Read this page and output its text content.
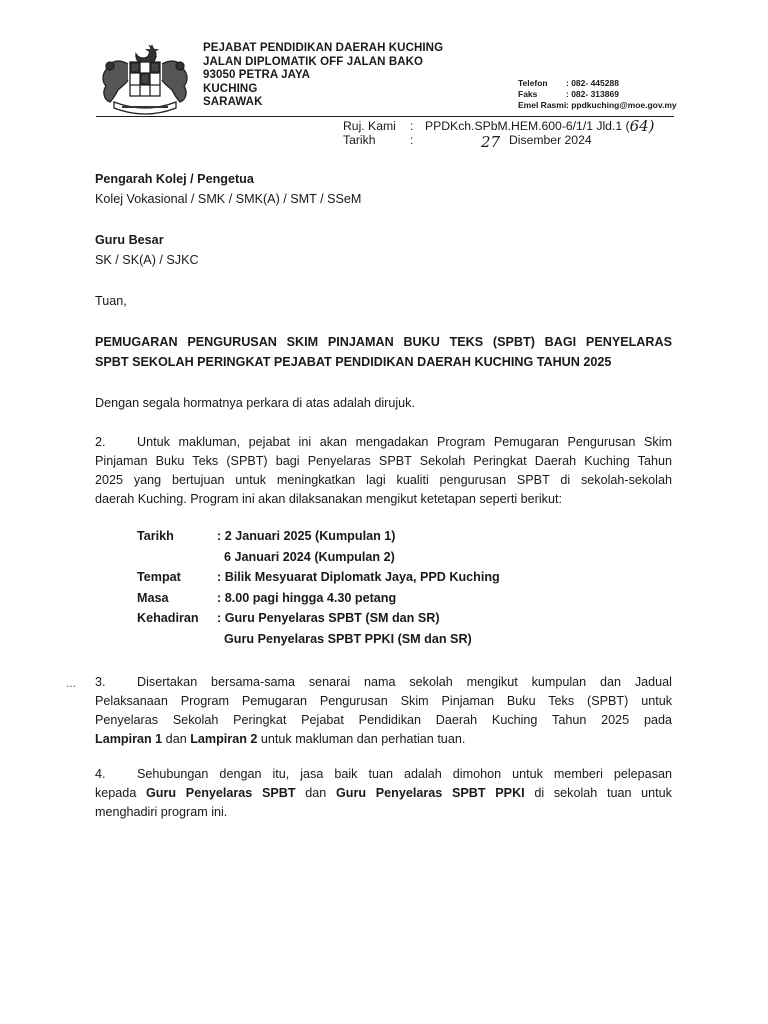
PEJABAT PENDIDIKAN DAERAH KUCHING
JALAN DIPLOMATIK OFF JALAN BAKO
93050 PETRA JAYA
KUCHING
SARAWAK
Telefon	: 082- 445288
Faks	: 082- 313869
Emel Rasmi : ppdkuching@moe.gov.my
Ruj. Kami	: PPDKch.SPbM.HEM.600-6/1/1 Jld.1 ( 64)
Tarikh	:	27 Disember 2024
Pengarah Kolej / Pengetua
Kolej Vokasional / SMK / SMK(A) / SMT / SSeM
Guru Besar
SK / SK(A) / SJKC
Tuan,
PEMUGARAN PENGURUSAN SKIM PINJAMAN BUKU TEKS (SPBT) BAGI PENYELARAS
SPBT SEKOLAH PERINGKAT PEJABAT PENDIDIKAN DAERAH KUCHING TAHUN 2025
Dengan segala hormatnya perkara di atas adalah dirujuk.
2.	Untuk makluman, pejabat ini akan mengadakan Program Pemugaran Pengurusan Skim
Pinjaman Buku Teks (SPBT) bagi Penyelaras SPBT Sekolah Peringkat Daerah Kuching Tahun
2025 yang bertujuan untuk meningkatkan lagi kualiti pengurusan SPBT di sekolah-sekolah
daerah Kuching. Program ini akan dilaksanakan mengikut ketetapan seperti berikut:
Tarikh	: 2 Januari 2025 (Kumpulan 1)
6 Januari 2024 (Kumpulan 2)
Tempat	: Bilik Mesyuarat Diplomatk Jaya, PPD Kuching
Masa	: 8.00 pagi hingga 4.30 petang
Kehadiran	: Guru Penyelaras SPBT (SM dan SR)
Guru Penyelaras SPBT PPKI (SM dan SR)
... 3.	Disertakan bersama-sama senarai nama sekolah mengikut kumpulan dan Jadual
Pelaksanaan Program Pemugaran Pengurusan Skim Pinjaman Buku Teks (SPBT) untuk
Penyelaras Sekolah Peringkat Pejabat Pendidikan Daerah Kuching Tahun 2025 pada
Lampiran 1 dan Lampiran 2 untuk makluman dan perhatian tuan.
4.	Sehubungan dengan itu, jasa baik tuan adalah dimohon untuk memberi pelepasan
kepada Guru Penyelaras SPBT dan Guru Penyelaras SPBT PPKI di sekolah tuan untuk
menghadiri program ini.
